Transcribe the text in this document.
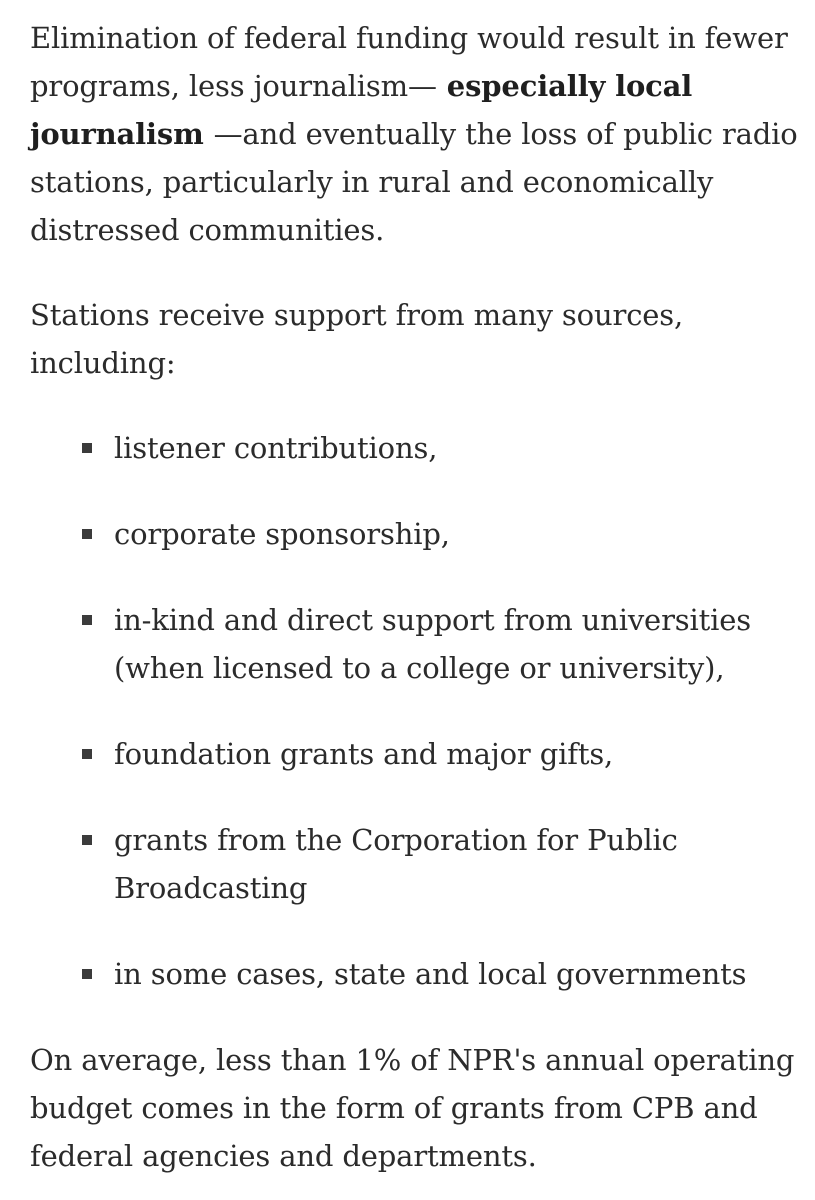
Elimination of federal funding would result in fewer programs, less journalism— especially local journalism —and eventually the loss of public radio stations, particularly in rural and economically distressed communities.

Stations receive support from many sources, including:

listener contributions,
corporate sponsorship,
in-kind and direct support from universities (when licensed to a college or university),
foundation grants and major gifts,
grants from the Corporation for Public Broadcasting
in some cases, state and local governments

On average, less than 1% of NPR's annual operating budget comes in the form of grants from CPB and federal agencies and departments.
